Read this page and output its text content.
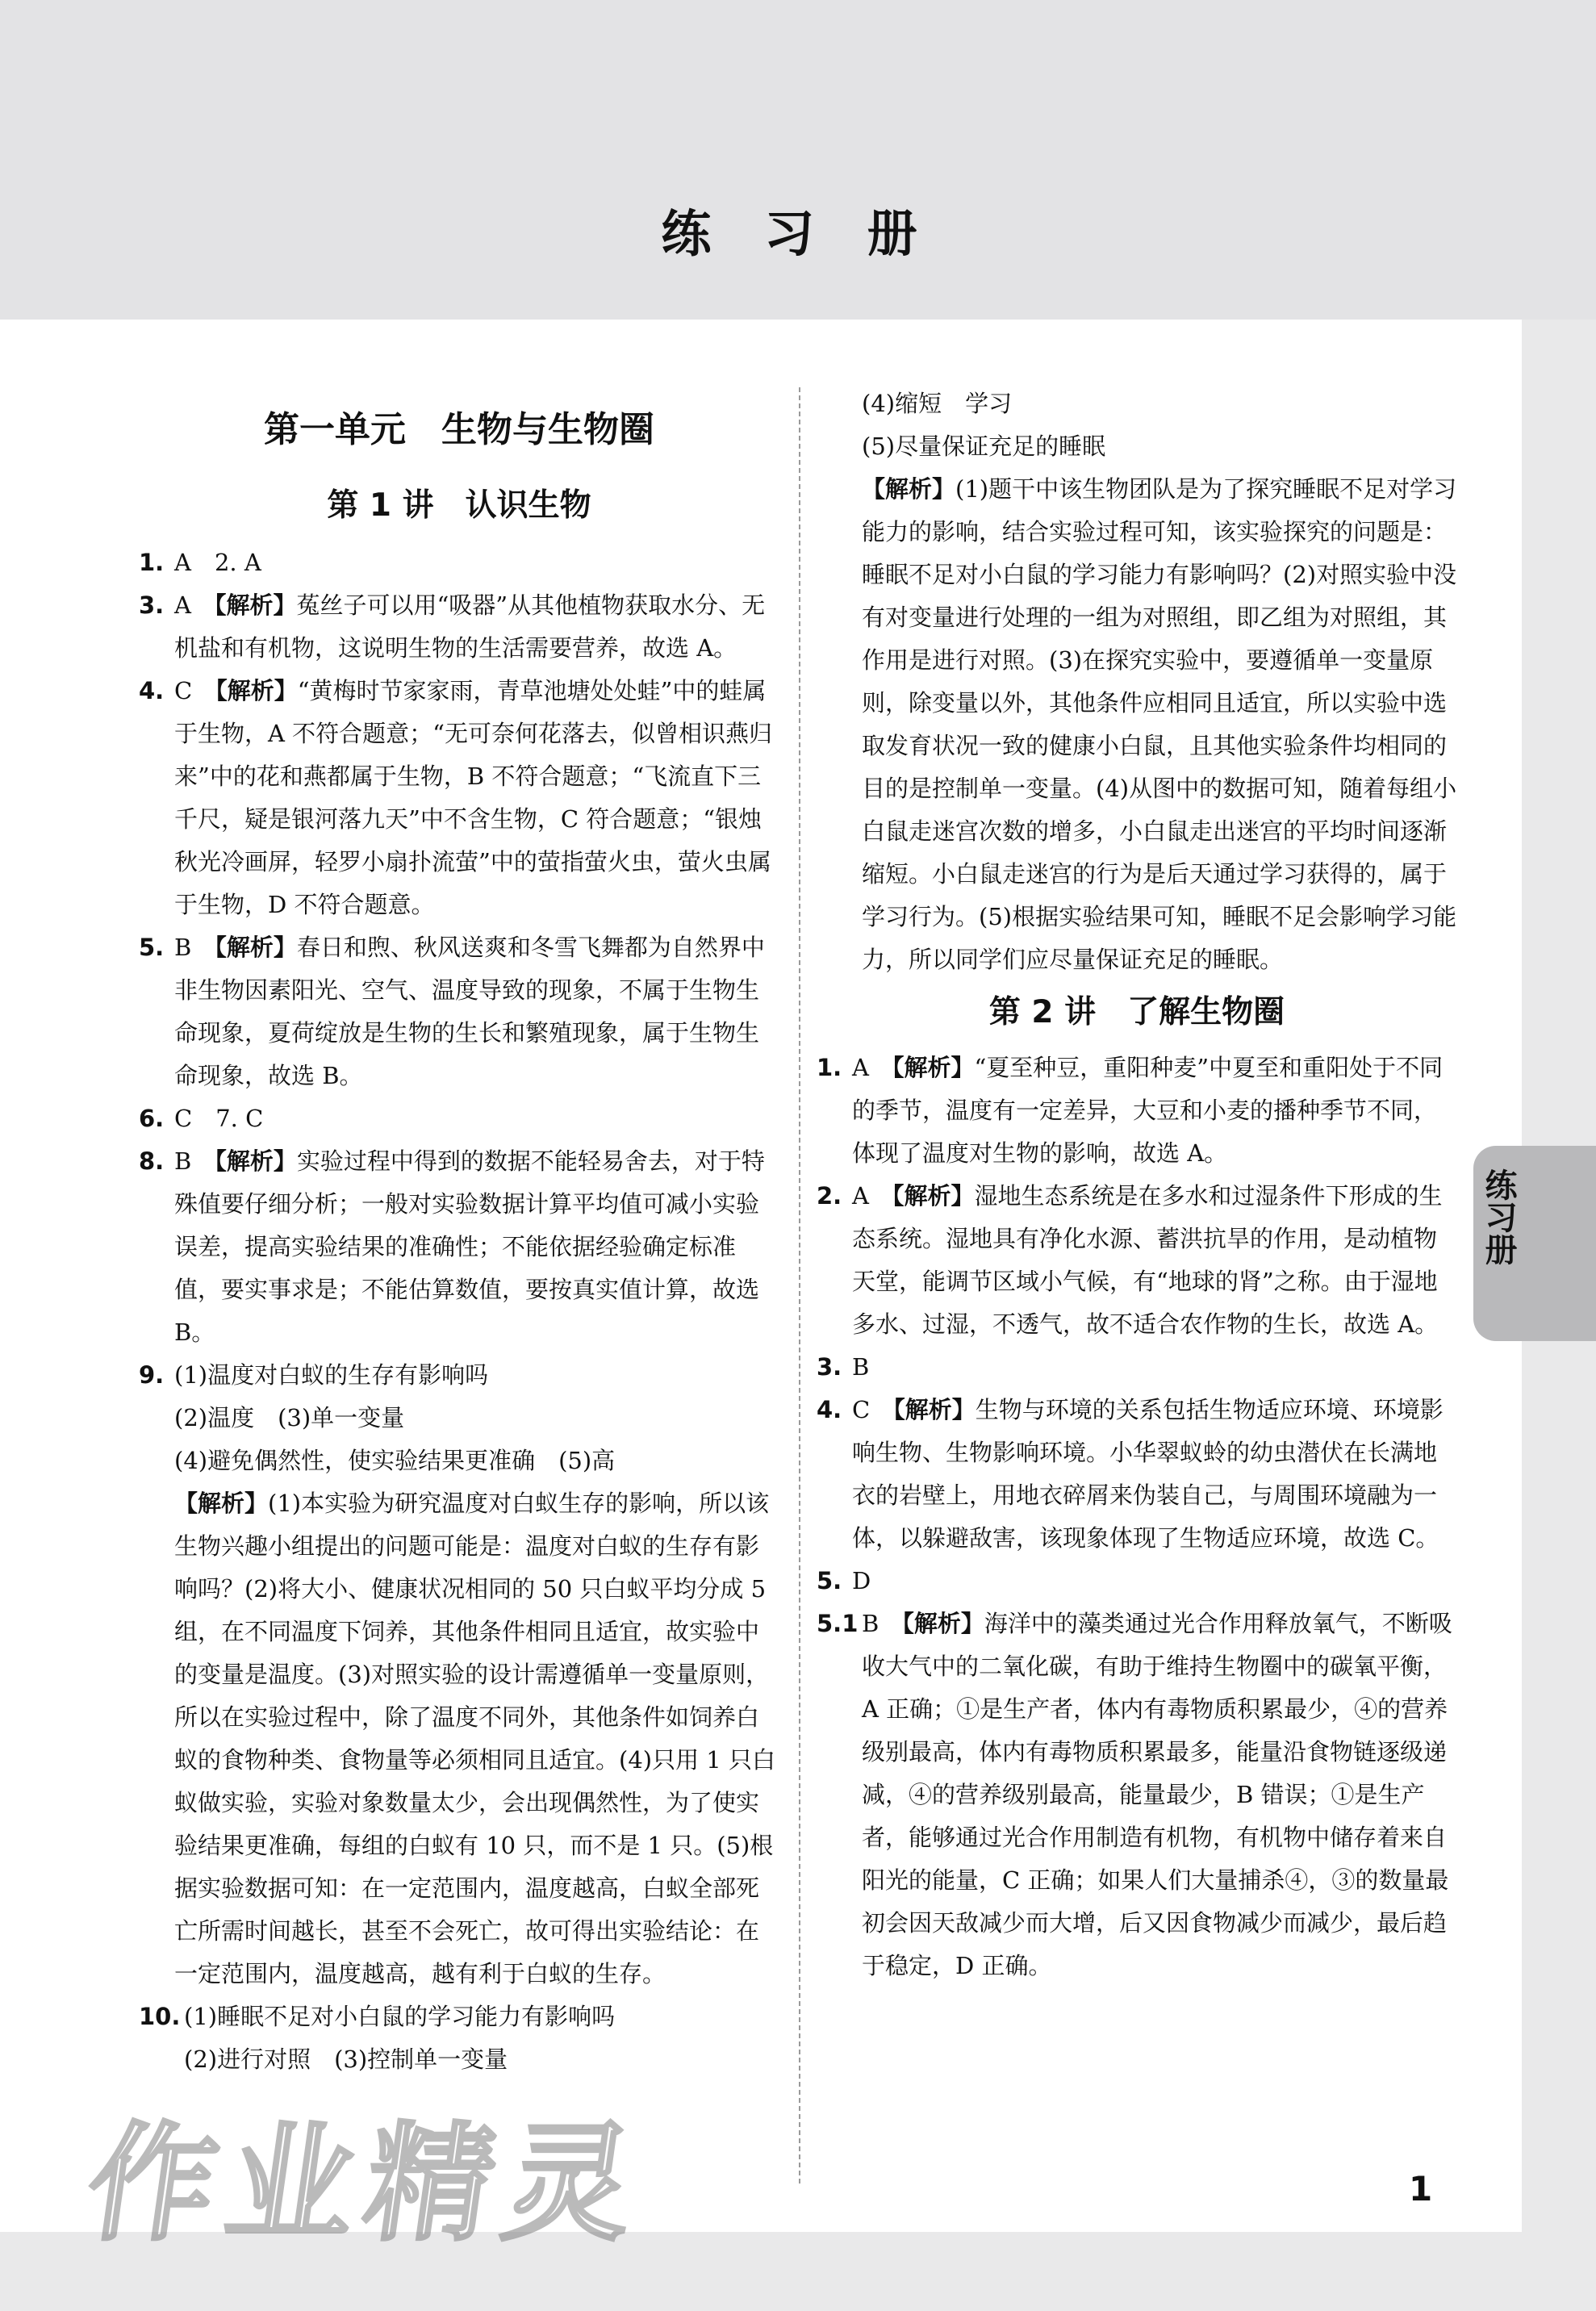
练 习 册
练习册
第一单元　生物与生物圈
第 1 讲　认识生物
1. A　2. A
3. A　 【解析】菟丝子可以用“吸器”从其他植物获取水分、无机盐和有机物，这说明生物的生活需要营养，故选 A。
4. C　 【解析】“黄梅时节家家雨，青草池塘处处蛙”中的蛙属于生物，A 不符合题意；“无可奈何花落去，似曾相识燕归来”中的花和燕都属于生物，B 不符合题意；“飞流直下三千尺，疑是银河落九天”中不含生物，C 符合题意；“银烛秋光冷画屏，轻罗小扇扑流萤”中的萤指萤火虫，萤火虫属于生物，D 不符合题意。
5. B　 【解析】春日和煦、秋风送爽和冬雪飞舞都为自然界中非生物因素阳光、空气、温度导致的现象，不属于生物生命现象，夏荷绽放是生物的生长和繁殖现象，属于生物生命现象，故选 B。
6. C　7. C
8. B　 【解析】实验过程中得到的数据不能轻易舍去，对于特殊值要仔细分析；一般对实验数据计算平均值可减小实验误差，提高实验结果的准确性；不能依据经验确定标准值，要实事求是；不能估算数值，要按真实值计算，故选 B。
9. (1)温度对白蚁的生存有影响吗
(2)温度　(3)单一变量
(4)避免偶然性，使实验结果更准确　(5)高
【解析】(1)本实验为研究温度对白蚁生存的影响，所以该生物兴趣小组提出的问题可能是：温度对白蚁的生存有影响吗？(2)将大小、健康状况相同的 50 只白蚁平均分成 5 组，在不同温度下饲养，其他条件相同且适宜，故实验中的变量是温度。(3)对照实验的设计需遵循单一变量原则，所以在实验过程中，除了温度不同外，其他条件如饲养白蚁的食物种类、食物量等必须相同且适宜。(4)只用 1 只白蚁做实验，实验对象数量太少，会出现偶然性，为了使实验结果更准确，每组的白蚁有 10 只，而不是 1 只。(5)根据实验数据可知：在一定范围内，温度越高，白蚁全部死亡所需时间越长，甚至不会死亡，故可得出实验结论：在一定范围内，温度越高，越有利于白蚁的生存。
10. (1)睡眠不足对小白鼠的学习能力有影响吗
(2)进行对照　(3)控制单一变量
(4)缩短　学习
(5)尽量保证充足的睡眠
【解析】(1)题干中该生物团队是为了探究睡眠不足对学习能力的影响，结合实验过程可知，该实验探究的问题是：睡眠不足对小白鼠的学习能力有影响吗？(2)对照实验中没有对变量进行处理的一组为对照组，即乙组为对照组，其作用是进行对照。(3)在探究实验中，要遵循单一变量原则，除变量以外，其他条件应相同且适宜，所以实验中选取发育状况一致的健康小白鼠，且其他实验条件均相同的目的是控制单一变量。(4)从图中的数据可知，随着每组小白鼠走迷宫次数的增多，小白鼠走出迷宫的平均时间逐渐缩短。小白鼠走迷宫的行为是后天通过学习获得的，属于学习行为。(5)根据实验结果可知，睡眠不足会影响学习能力，所以同学们应尽量保证充足的睡眠。
第 2 讲　了解生物圈
1. A　 【解析】“夏至种豆，重阳种麦”中夏至和重阳处于不同的季节，温度有一定差异，大豆和小麦的播种季节不同，体现了温度对生物的影响，故选 A。
2. A　 【解析】湿地生态系统是在多水和过湿条件下形成的生态系统。湿地具有净化水源、蓄洪抗旱的作用，是动植物天堂，能调节区域小气候，有“地球的肾”之称。由于湿地多水、过湿，不透气，故不适合农作物的生长，故选 A。
3. B
4. C　 【解析】生物与环境的关系包括生物适应环境、环境影响生物、生物影响环境。小华翠蚁蛉的幼虫潜伏在长满地衣的岩壁上，用地衣碎屑来伪装自己，与周围环境融为一体，以躲避敌害，该现象体现了生物适应环境，故选 C。
5. D
5.1 B　 【解析】海洋中的藻类通过光合作用释放氧气，不断吸收大气中的二氧化碳，有助于维持生物圈中的碳氧平衡，A 正确；①是生产者，体内有毒物质积累最少，④的营养级别最高，体内有毒物质积累最多，能量沿食物链逐级递减，④的营养级别最高，能量最少，B 错误；①是生产者，能够通过光合作用制造有机物，有机物中储存着来自阳光的能量，C 正确；如果人们大量捕杀④，③的数量最初会因天敌减少而大增，后又因食物减少而减少，最后趋于稳定，D 正确。
作业精灵	1
